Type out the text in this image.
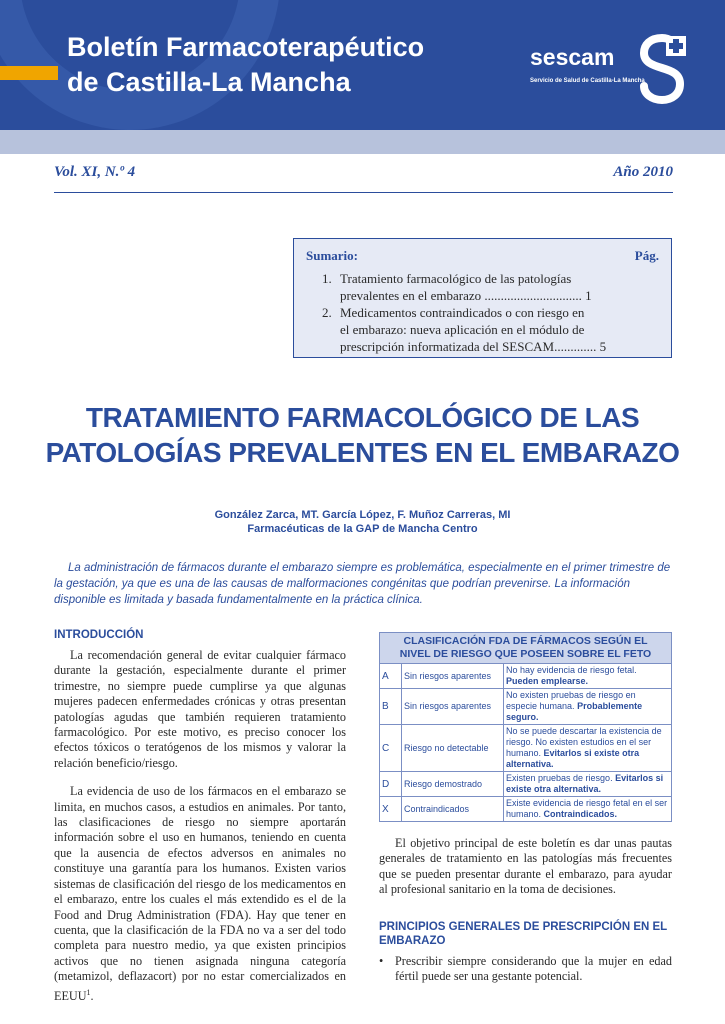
Boletín Farmacoterapéutico
de Castilla-La Mancha
sescam
Servicio de Salud de Castilla-La Mancha
Vol. XI, N.º 4	Año 2010
Sumario:	Pág.
1. Tratamiento farmacológico de las patologías
prevalentes en el embarazo .............................. 1
2. Medicamentos contraindicados o con riesgo en
el embarazo: nueva aplicación en el módulo de
prescripción informatizada del SESCAM............. 5
TRATAMIENTO FARMACOLÓGICO DE LAS PATOLOGÍAS PREVALENTES EN EL EMBARAZO
González Zarca, MT. García López, F. Muñoz Carreras, MI
Farmacéuticas de la GAP de Mancha Centro
La administración de fármacos durante el embarazo siempre es problemática, especialmente en el primer trimestre de la gestación, ya que es una de las causas de malformaciones congénitas que podrían prevenirse. La información disponible es limitada y basada fundamentalmente en la práctica clínica.
INTRODUCCIÓN

La recomendación general de evitar cualquier fármaco durante la gestación, especialmente durante el primer trimestre, no siempre puede cumplirse ya que algunas mujeres padecen enfermedades crónicas y otras presentan patologías agudas que también requieren tratamiento farmacológico. Por este motivo, es preciso conocer los efectos tóxicos o teratógenos de los mismos y valorar la relación beneficio/riesgo.

La evidencia de uso de los fármacos en el embarazo se limita, en muchos casos, a estudios en animales. Por tanto, las clasificaciones de riesgo no siempre aportarán información sobre el uso en humanos, teniendo en cuenta que la ausencia de efectos adversos en animales no constituye una garantía para los humanos. Existen varios sistemas de clasificación del riesgo de los medicamentos en el embarazo, entre los cuales el más extendido es el de la Food and Drug Administration (FDA). Hay que tener en cuenta, que la clasificación de la FDA no va a ser del todo completa para nuestro medio, ya que existen principios activos que no tienen asignada ninguna categoría (metamizol, deflazacort) por no estar comercializados en EEUU$^1$.

CLASIFICACIÓN FDA DE FÁRMACOS SEGÚN EL
NIVEL DE RIESGO QUE POSEEN SOBRE EL FETO		

A	Sin riesgos aparentes	No hay evidencia de riesgo fetal. Pueden emplearse.
B	Sin riesgos aparentes	No existen pruebas de riesgo en especie humana. Probablemente seguro.
C	Riesgo no detectable	No se puede descartar la existencia de riesgo. No existen estudios en el ser humano. Evitarlos si existe otra alternativa.
D	Riesgo demostrado	Existen pruebas de riesgo. Evitarlos si existe otra alternativa.
X	Contraindicados	Existe evidencia de riesgo fetal en el ser humano. Contraindicados.

El objetivo principal de este boletín es dar unas pautas generales de tratamiento en las patologías más frecuentes que se pueden presentar durante el embarazo, para ayudar al profesional sanitario en la toma de decisiones.

PRINCIPIOS GENERALES DE PRESCRIPCIÓN EN EL EMBARAZO
• Prescribir siempre considerando que la mujer en edad fértil puede ser una gestante potencial.
